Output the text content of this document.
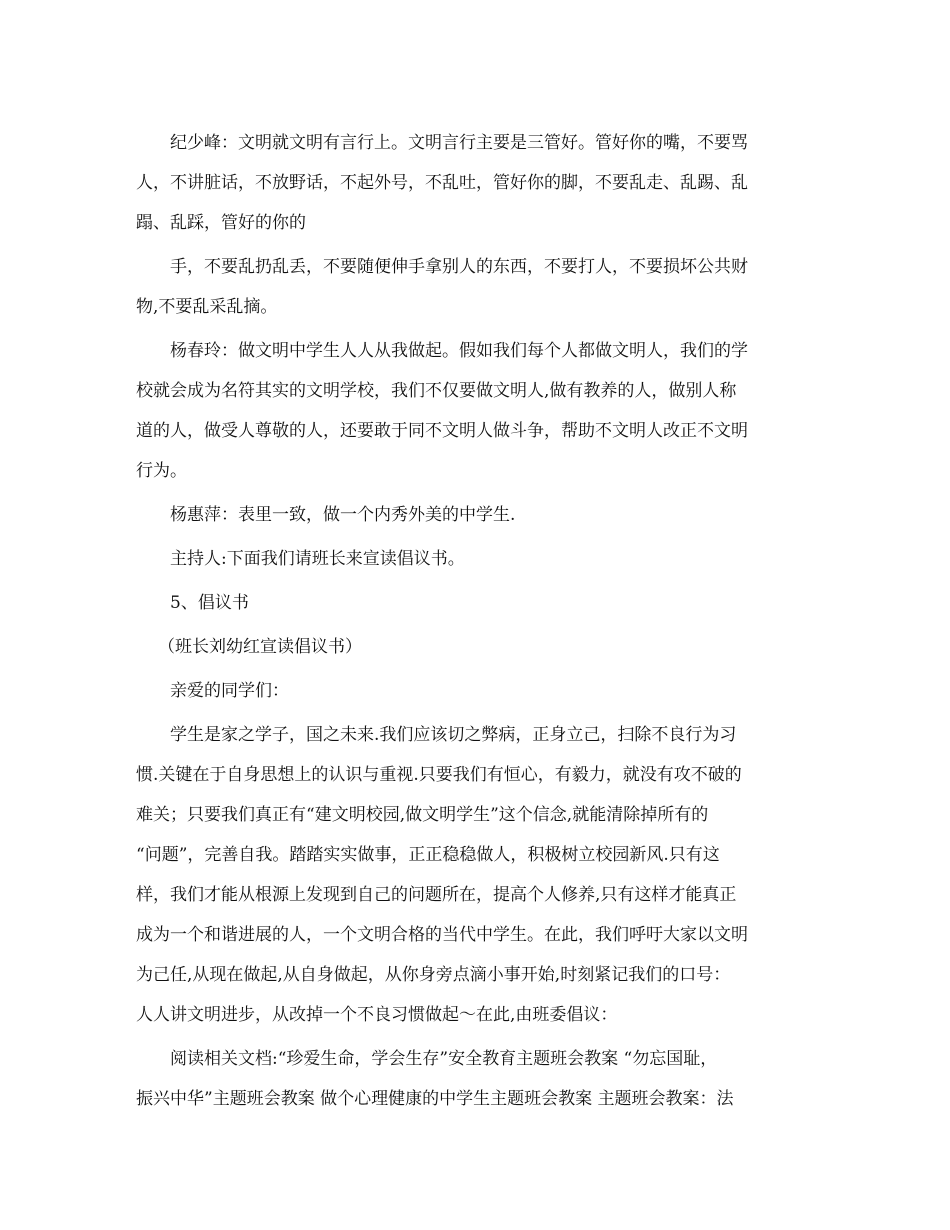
纪少峰：文明就文明有言行上。文明言行主要是三管好。管好你的嘴，不要骂
人，不讲脏话，不放野话，不起外号，不乱吐，管好你的脚，不要乱走、乱踢、乱
蹋、乱踩，管好的你的
手，不要乱扔乱丢，不要随便伸手拿别人的东西，不要打人，不要损坏公共财
物,不要乱采乱摘。
杨春玲：做文明中学生人人从我做起。假如我们每个人都做文明人，我们的学
校就会成为名符其实的文明学校，我们不仅要做文明人,做有教养的人，做别人称
道的人，做受人尊敬的人，还要敢于同不文明人做斗争，帮助不文明人改正不文明
行为。
杨惠萍：表里一致，做一个内秀外美的中学生.
主持人:下面我们请班长来宣读倡议书。
5、倡议书
（班长刘幼红宣读倡议书）
亲爱的同学们：
学生是家之学子，国之未来.我们应该切之弊病，正身立己，扫除不良行为习
惯.关键在于自身思想上的认识与重视.只要我们有恒心，有毅力，就没有攻不破的
难关；只要我们真正有“建文明校园,做文明学生”这个信念,就能清除掉所有的
“问题”，完善自我。踏踏实实做事，正正稳稳做人，积极树立校园新风.只有这
样，我们才能从根源上发现到自己的问题所在，提高个人修养,只有这样才能真正
成为一个和谐进展的人，一个文明合格的当代中学生。在此，我们呼吁大家以文明
为己任,从现在做起,从自身做起，从你身旁点滴小事开始,时刻紧记我们的口号：
人人讲文明进步，从改掉一个不良习惯做起～在此,由班委倡议：
阅读相关文档:“珍爱生命，学会生存”安全教育主题班会教案 “勿忘国耻，
振兴中华”主题班会教案 做个心理健康的中学生主题班会教案 主题班会教案：法
